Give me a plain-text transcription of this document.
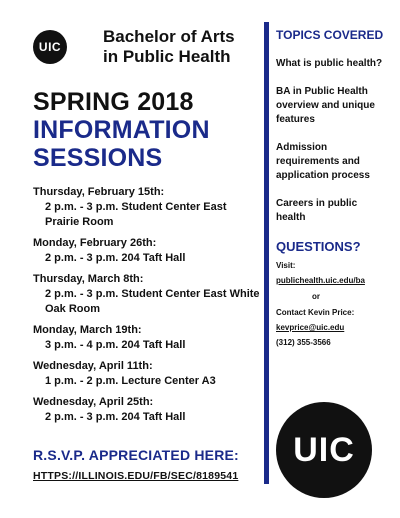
UIC
Bachelor of Arts
in Public Health
SPRING 2018
INFORMATION
SESSIONS
Thursday, February 15th:
2 p.m. - 3 p.m. Student Center East Prairie Room
Monday, February 26th:
2 p.m. - 3 p.m. 204 Taft Hall
Thursday, March 8th:
2 p.m. - 3 p.m. Student Center East White Oak Room
Monday, March 19th:
3 p.m. - 4 p.m. 204 Taft Hall
Wednesday, April 11th:
1 p.m. - 2 p.m. Lecture Center A3
Wednesday, April 25th:
2 p.m. - 3 p.m. 204 Taft Hall
R.S.V.P. APPRECIATED HERE:
HTTPS://ILLINOIS.EDU/FB/SEC/8189541
TOPICS COVERED
What is public health?
BA in Public Health overview and unique features
Admission requirements and application process
Careers in public health
QUESTIONS?
Visit:
publichealth.uic.edu/ba
or
Contact Kevin Price:
kevprice@uic.edu
(312) 355-3566
UIC
